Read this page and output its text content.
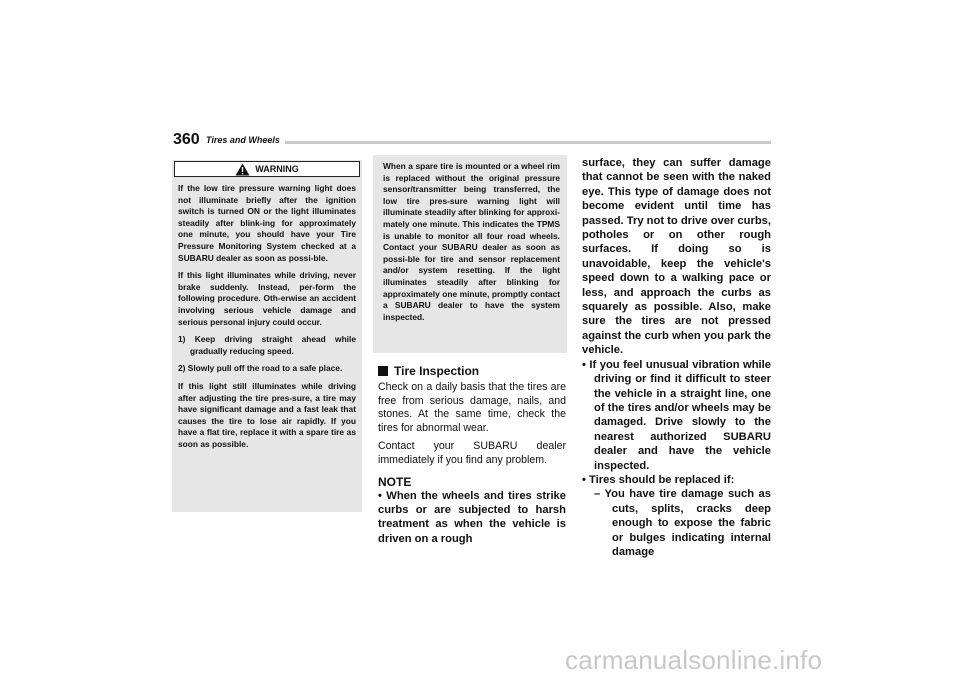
360 Tires and Wheels
WARNING

If the low tire pressure warning light does not illuminate briefly after the ignition switch is turned ON or the light illuminates steadily after blink-ing for approximately one minute, you should have your Tire Pressure Monitoring System checked at a SUBARU dealer as soon as possi-ble.

If this light illuminates while driving, never brake suddenly. Instead, per-form the following procedure. Oth-erwise an accident involving serious vehicle damage and serious personal injury could occur.

1) Keep driving straight ahead while gradually reducing speed.

2) Slowly pull off the road to a safe place.

If this light still illuminates while driving after adjusting the tire pres-sure, a tire may have significant damage and a fast leak that causes the tire to lose air rapidly. If you have a flat tire, replace it with a spare tire as soon as possible.

When a spare tire is mounted or a wheel rim is replaced without the original pressure sensor/transmitter being transferred, the low tire pres-sure warning light will illuminate steadily after blinking for approxi-mately one minute. This indicates the TPMS is unable to monitor all four road wheels. Contact your SUBARU dealer as soon as possi-ble for tire and sensor replacement and/or system resetting. If the light illuminates steadily after blinking for approximately one minute, promptly contact a SUBARU dealer to have the system inspected.

Tire Inspection

Check on a daily basis that the tires are free from serious damage, nails, and stones. At the same time, check the tires for abnormal wear.

Contact your SUBARU dealer immediately if you find any problem.

NOTE

• When the wheels and tires strike curbs or are subjected to harsh treatment as when the vehicle is driven on a rough

surface, they can suffer damage that cannot be seen with the naked eye. This type of damage does not become evident until time has passed. Try not to drive over curbs, potholes or on other rough surfaces. If doing so is unavoidable, keep the vehicle's speed down to a walking pace or less, and approach the curbs as squarely as possible. Also, make sure the tires are not pressed against the curb when you park the vehicle.

• If you feel unusual vibration while driving or find it difficult to steer the vehicle in a straight line, one of the tires and/or wheels may be damaged. Drive slowly to the nearest authorized SUBARU dealer and have the vehicle inspected.

• Tires should be replaced if:

– You have tire damage such as cuts, splits, cracks deep enough to expose the fabric or bulges indicating internal damage

carmanualsonline.info
